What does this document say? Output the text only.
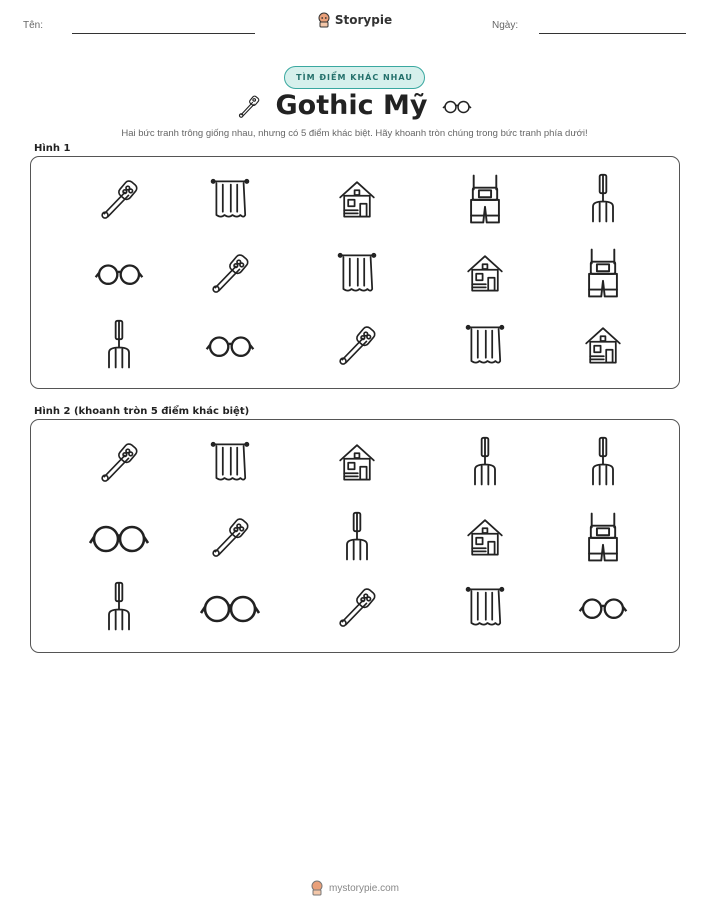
Tên:	Storypie	Ngày:
TÌM ĐIỂM KHÁC NHAU
Gothic Mỹ
Hai bức tranh trông giống nhau, nhưng có 5 điểm khác biệt. Hãy khoanh tròn chúng trong bức tranh phía dưới!
Hình 1
Hình 2 (khoanh tròn 5 điểm khác biệt)
mystorypie.com
